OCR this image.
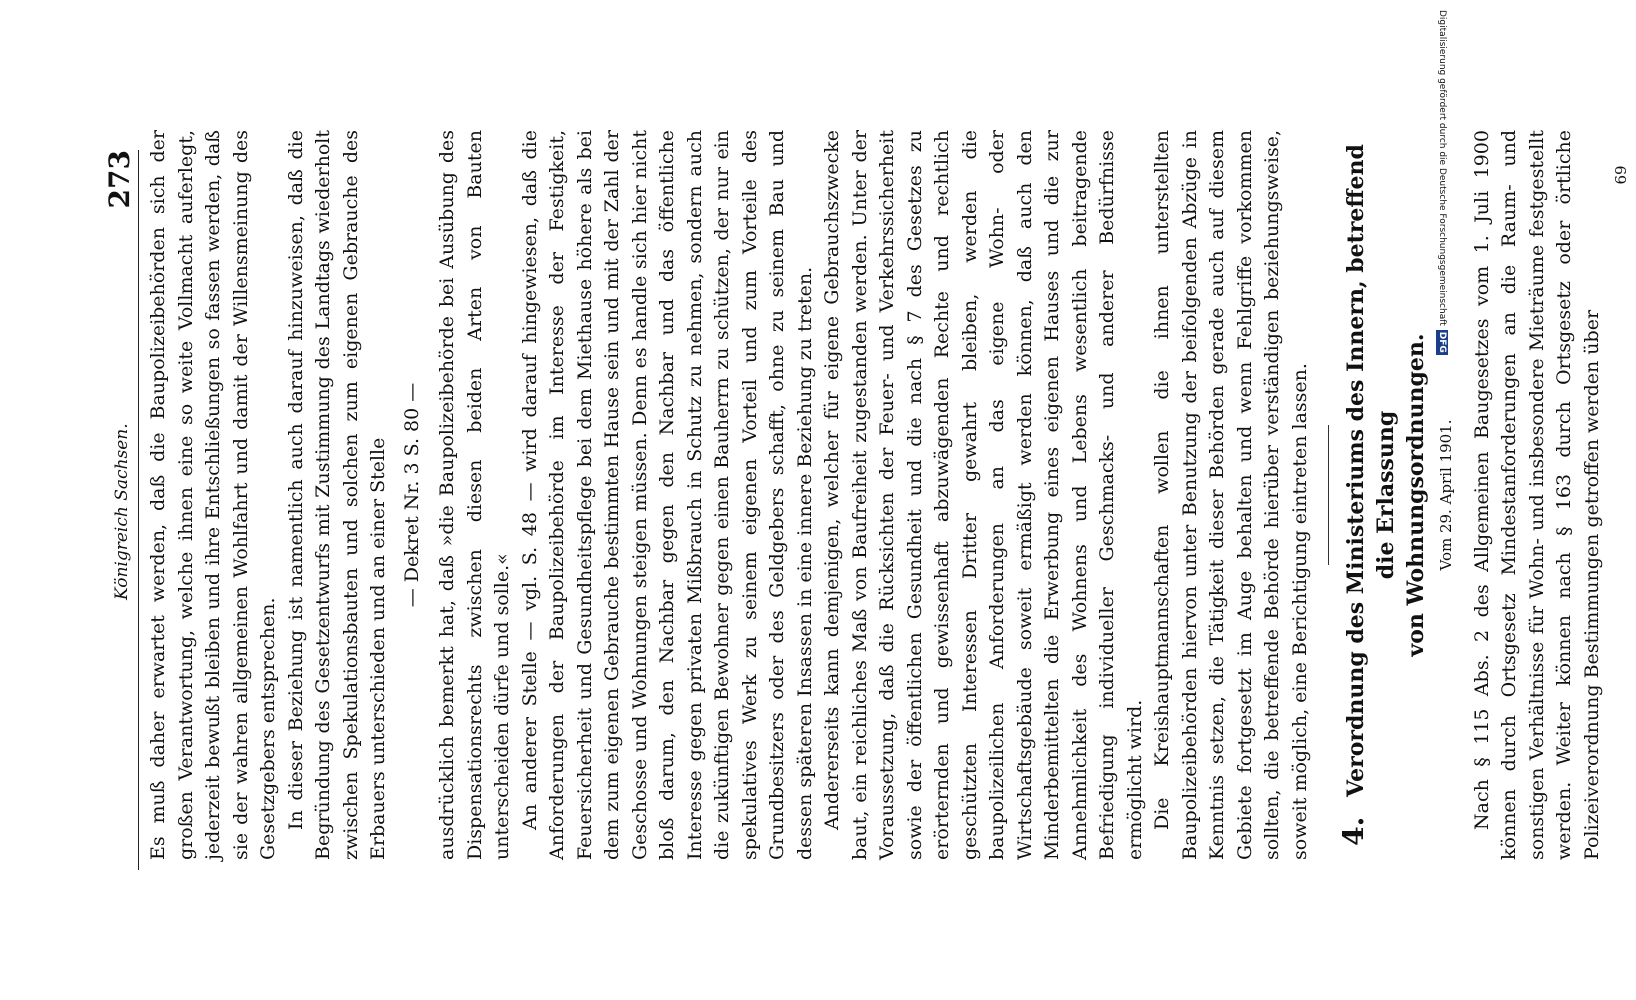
Königreich Sachsen.
273 Es muß daher erwartet werden, daß die Baupolizeibehörden sich der großen Verantwortung, welche ihnen eine so weite Vollmacht auferlegt, jederzeit bewußt bleiben und ihre Entschließungen so fassen werden, daß sie der wahren allgemeinen Wohlfahrt und damit der Willensmeinung des Gesetzgebers entsprechen. In dieser Beziehung ist namentlich auch darauf hinzuweisen, daß die Begründung des Gesetzentwurfs mit Zustimmung des Landtags wiederholt zwischen Spekulationsbauten und solchen zum eigenen Gebrauche des Erbauers unterschieden und an einer Stelle — Dekret Nr. 3 S. 80 — ausdrücklich bemerkt hat, daß »die Baupolizeibehörde bei Ausübung des Dispensationsrechts zwischen diesen beiden Arten von Bauten unterscheiden dürfe und solle.« An anderer Stelle — vgl. S. 48 — wird darauf hingewiesen, daß die Anforderungen der Baupolizeibehörde im Interesse der Festigkeit, Feuersicherheit und Gesundheitspflege bei dem Miethause höhere als bei dem zum eigenen Gebrauche bestimmten Hause sein und mit der Zahl der Geschosse und Wohnungen steigen müssen. Denn es handle sich hier nicht bloß darum, den Nachbar gegen den Nachbar und das öffentliche Interesse gegen privaten Mißbrauch in Schutz zu nehmen, sondern auch die zukünftigen Bewohner gegen einen Bauherrn zu schützen, der nur ein spekulatives Werk zu seinem eigenen Vorteil und zum Vorteile des Grundbesitzers oder des Geldgebers schafft, ohne zu seinem Bau und dessen späteren Insassen in eine innere Beziehung zu treten. Andererseits kann demjenigen, welcher für eigene Gebrauchszwecke baut, ein reichliches Maß von Baufreiheit zugestanden werden. Unter der Voraussetzung, daß die Rücksichten der Feuer- und Verkehrssicherheit sowie der öffentlichen Gesundheit und die nach § 7 des Gesetzes zu erörternden und gewissenhaft abzuwägenden Rechte und rechtlich geschützten Interessen Dritter gewahrt bleiben, werden die baupolizeilichen Anforderungen an das eigene Wohn- oder Wirtschaftsgebäude soweit ermäßigt werden können, daß auch den Minderbemittelten die Erwerbung eines eigenen Hauses und die zur Annehmlichkeit des Wohnens und Lebens wesentlich beitragende Befriedigung individueller Geschmacks- und anderer Bedürfnisse ermöglicht wird. Die Kreishauptmannschaften wollen die ihnen unterstellten Baupolizeibehörden hiervon unter Benutzung der beifolgenden Abzüge in Kenntnis setzen, die Tätigkeit dieser Behörden gerade auch auf diesem Gebiete fortgesetzt im Auge behalten und wenn Fehlgriffe vorkommen sollten, die betreffende Behörde hierüber verständigen beziehungsweise, soweit möglich, eine Berichtigung eintreten lassen. 4. Verordnung des Ministeriums des Innern, betreffend die Erlassung von Wohnungsordnungen. Vom 29. April 1901. Nach § 115 Abs. 2 des Allgemeinen Baugesetzes vom 1. Juli 1900 können durch Ortsgesetz Mindestanforderungen an die Raum- und sonstigen Verhältnisse für Wohn- und insbesondere Mieträume festgestellt werden. Weiter können nach § 163 durch Ortsgesetz oder örtliche Polizeiverordnung Bestimmungen getroffen werden über

69
Digitalisierung gefördert durch die Deutsche Forschungsgemeinschaft
DFG
